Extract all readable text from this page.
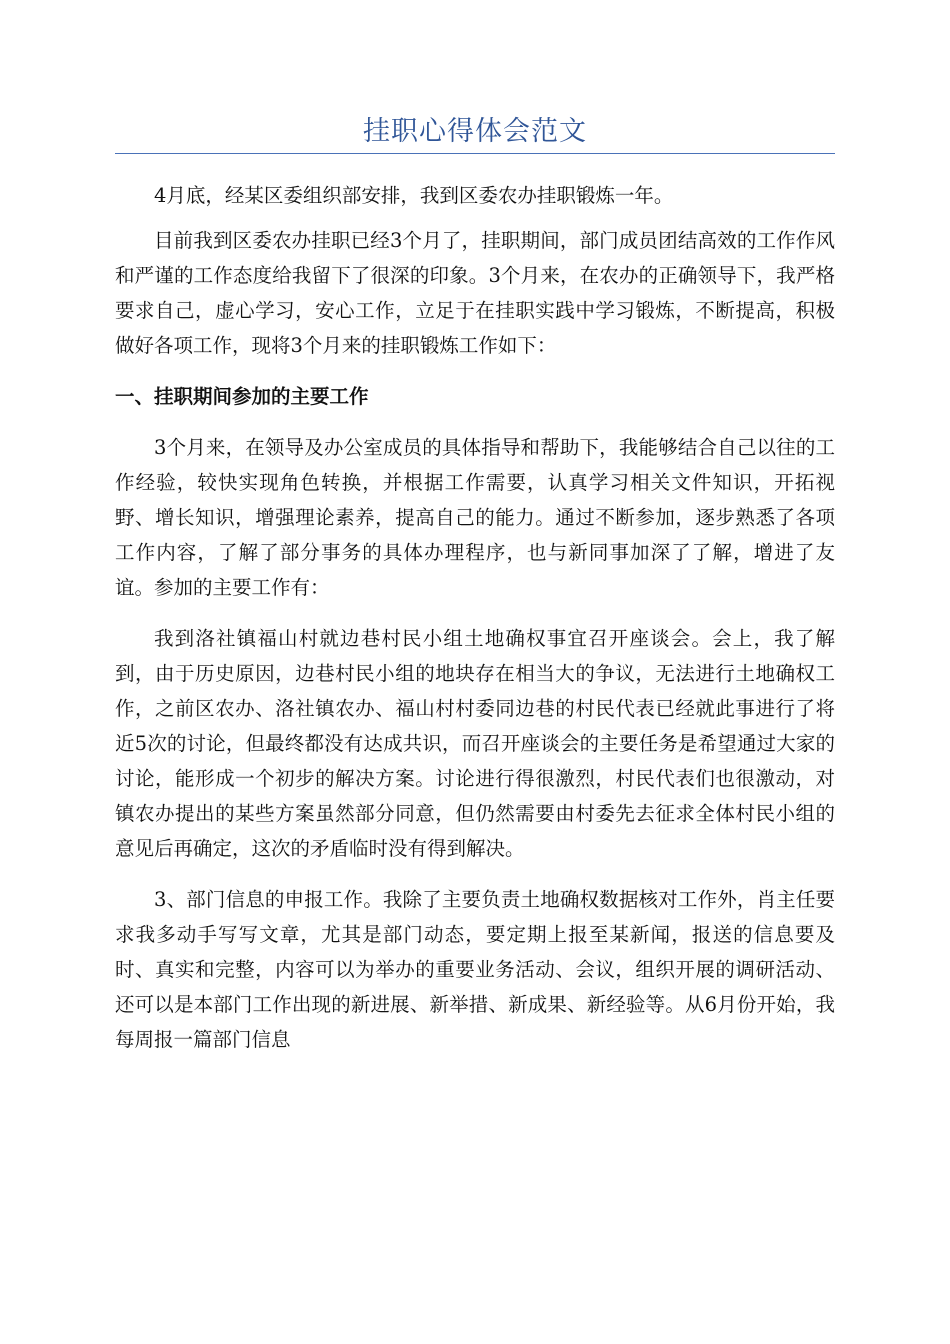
挂职心得体会范文

4月底，经某区委组织部安排，我到区委农办挂职锻炼一年。

目前我到区委农办挂职已经3个月了，挂职期间，部门成员团结高效的工作作风和严谨的工作态度给我留下了很深的印象。3个月来，在农办的正确领导下，我严格要求自己，虚心学习，安心工作，立足于在挂职实践中学习锻炼，不断提高，积极做好各项工作，现将3个月来的挂职锻炼工作如下：

一、挂职期间参加的主要工作

3个月来，在领导及办公室成员的具体指导和帮助下，我能够结合自己以往的工作经验，较快实现角色转换，并根据工作需要，认真学习相关文件知识，开拓视野、增长知识，增强理论素养，提高自己的能力。通过不断参加，逐步熟悉了各项工作内容，了解了部分事务的具体办理程序，也与新同事加深了了解，增进了友谊。参加的主要工作有：

我到洛社镇福山村就边巷村民小组土地确权事宜召开座谈会。会上，我了解到，由于历史原因，边巷村民小组的地块存在相当大的争议，无法进行土地确权工作，之前区农办、洛社镇农办、福山村村委同边巷的村民代表已经就此事进行了将近5次的讨论，但最终都没有达成共识，而召开座谈会的主要任务是希望通过大家的讨论，能形成一个初步的解决方案。讨论进行得很激烈，村民代表们也很激动，对镇农办提出的某些方案虽然部分同意，但仍然需要由村委先去征求全体村民小组的意见后再确定，这次的矛盾临时没有得到解决。

3、部门信息的申报工作。我除了主要负责土地确权数据核对工作外，肖主任要求我多动手写写文章，尤其是部门动态，要定期上报至某新闻，报送的信息要及时、真实和完整，内容可以为举办的重要业务活动、会议，组织开展的调研活动、还可以是本部门工作出现的新进展、新举措、新成果、新经验等。从6月份开始，我每周报一篇部门信息
